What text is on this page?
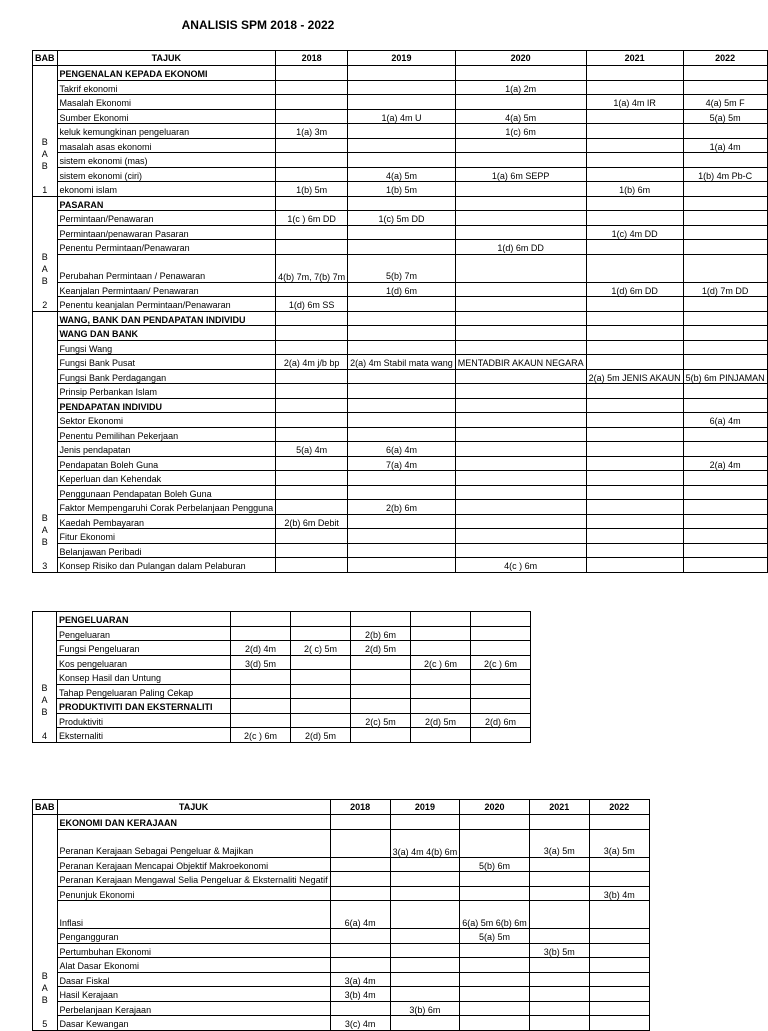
ANALISIS SPM 2018 - 2022
BAB	TAJUK	2018	2019	2020	2021	2022

B
A
B

1	PENGENALAN KEPADA EKONOMI					
	Takrif ekonomi			1(a) 2m		
	Masalah Ekonomi				1(a) 4m IR	4(a) 5m F
	Sumber Ekonomi		1(a) 4m U	4(a) 5m		5(a) 5m
	keluk kemungkinan pengeluaran	1(a) 3m		1(c) 6m		
	masalah asas ekonomi					1(a) 4m
	sistem ekonomi (mas)					
	sistem ekonomi (ciri)		4(a) 5m	1(a) 6m SEPP		1(b) 4m Pb-C
	ekonomi islam	1(b) 5m	1(b) 5m		1(b) 6m	

B
A
B

2	PASARAN					
	Permintaan/Penawaran	1(c ) 6m DD	1(c) 5m DD			
	Permintaan/penawaran Pasaran				1(c) 4m DD	
	Penentu Permintaan/Penawaran			1(d) 6m DD		
	Perubahan Permintaan / Penawaran	4(b) 7m, 7(b) 7m	5(b) 7m			
	Keanjalan Permintaan/ Penawaran		1(d) 6m		1(d) 6m DD	1(d) 7m DD
	Penentu keanjalan Permintaan/Penawaran	1(d) 6m SS				

B
A
B

3	WANG, BANK DAN PENDAPATAN INDIVIDU					
	WANG DAN BANK					
	Fungsi Wang					
	Fungsi Bank Pusat	2(a) 4m j/b bp	2(a) 4m Stabil mata wang	MENTADBIR AKAUN NEGARA		
	Fungsi Bank Perdagangan				2(a) 5m JENIS AKAUN	5(b) 6m PINJAMAN
	Prinsip Perbankan Islam					
	PENDAPATAN INDIVIDU					
	Sektor Ekonomi					6(a) 4m
	Penentu Pemilihan Pekerjaan					
	Jenis pendapatan	5(a) 4m	6(a) 4m			
	Pendapatan Boleh Guna		7(a) 4m			2(a) 4m
	Keperluan dan Kehendak					
	Penggunaan Pendapatan Boleh Guna					
	Faktor Mempengaruhi Corak Perbelanjaan Pengguna		2(b) 6m			
	Kaedah Pembayaran	2(b) 6m Debit				
	Fitur Ekonomi					
	Belanjawan Peribadi					
	Konsep Risiko dan Pulangan dalam Pelaburan			4(c ) 6m		
B
A
B

4	PENGELUARAN					
	Pengeluaran			2(b) 6m		
	Fungsi Pengeluaran	2(d) 4m	2( c) 5m	2(d) 5m		
	Kos pengeluaran	3(d) 5m			2(c ) 6m	2(c ) 6m
	Konsep Hasil dan Untung					
	Tahap Pengeluaran Paling Cekap					
	PRODUKTIVITI DAN EKSTERNALITI					
	Produktiviti			2(c) 5m	2(d) 5m	2(d) 6m
	Eksternaliti	2(c ) 6m	2(d) 5m			
BAB	TAJUK	2018	2019	2020	2021	2022

B
A
B

5	EKONOMI DAN KERAJAAN					
	Peranan Kerajaan Sebagai Pengeluar & Majikan		3(a) 4m 4(b) 6m		3(a) 5m	3(a) 5m
	Peranan Kerajaan Mencapai Objektif Makroekonomi			5(b) 6m		
	Peranan Kerajaan Mengawal Selia Pengeluar & Eksternaliti Negatif					
	Penunjuk Ekonomi					3(b) 4m
	Inflasi	6(a) 4m		6(a) 5m 6(b) 6m		
	Pengangguran			5(a) 5m		
	Pertumbuhan Ekonomi				3(b) 5m	
	Alat Dasar Ekonomi					
	Dasar Fiskal	3(a) 4m				
	Hasil Kerajaan	3(b) 4m				
	Perbelanjaan Kerajaan		3(b) 6m			
	Dasar Kewangan	3(c) 4m				
